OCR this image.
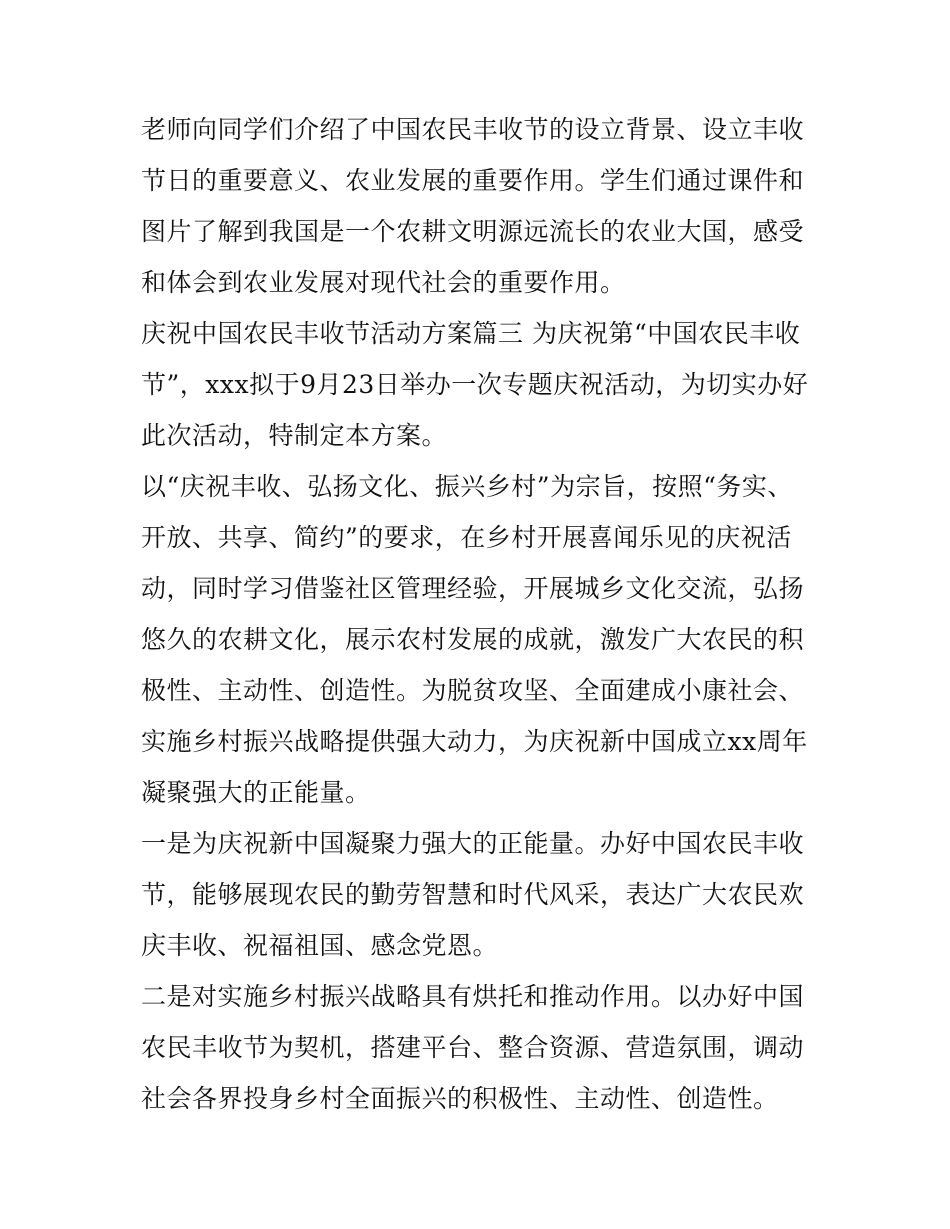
老师向同学们介绍了中国农民丰收节的设立背景、设立丰收节日的重要意义、农业发展的重要作用。学生们通过课件和图片了解到我国是一个农耕文明源远流长的农业大国，感受和体会到农业发展对现代社会的重要作用。

庆祝中国农民丰收节活动方案篇三 为庆祝第“中国农民丰收节”，xxx拟于9月23日举办一次专题庆祝活动，为切实办好此次活动，特制定本方案。

以“庆祝丰收、弘扬文化、振兴乡村”为宗旨，按照“务实、开放、共享、简约”的要求，在乡村开展喜闻乐见的庆祝活动，同时学习借鉴社区管理经验，开展城乡文化交流，弘扬悠久的农耕文化，展示农村发展的成就，激发广大农民的积极性、主动性、创造性。为脱贫攻坚、全面建成小康社会、实施乡村振兴战略提供强大动力，为庆祝新中国成立xx周年凝聚强大的正能量。

一是为庆祝新中国凝聚力强大的正能量。办好中国农民丰收节，能够展现农民的勤劳智慧和时代风采，表达广大农民欢庆丰收、祝福祖国、感念党恩。

二是对实施乡村振兴战略具有烘托和推动作用。以办好中国农民丰收节为契机，搭建平台、整合资源、营造氛围，调动社会各界投身乡村全面振兴的积极性、主动性、创造性。
